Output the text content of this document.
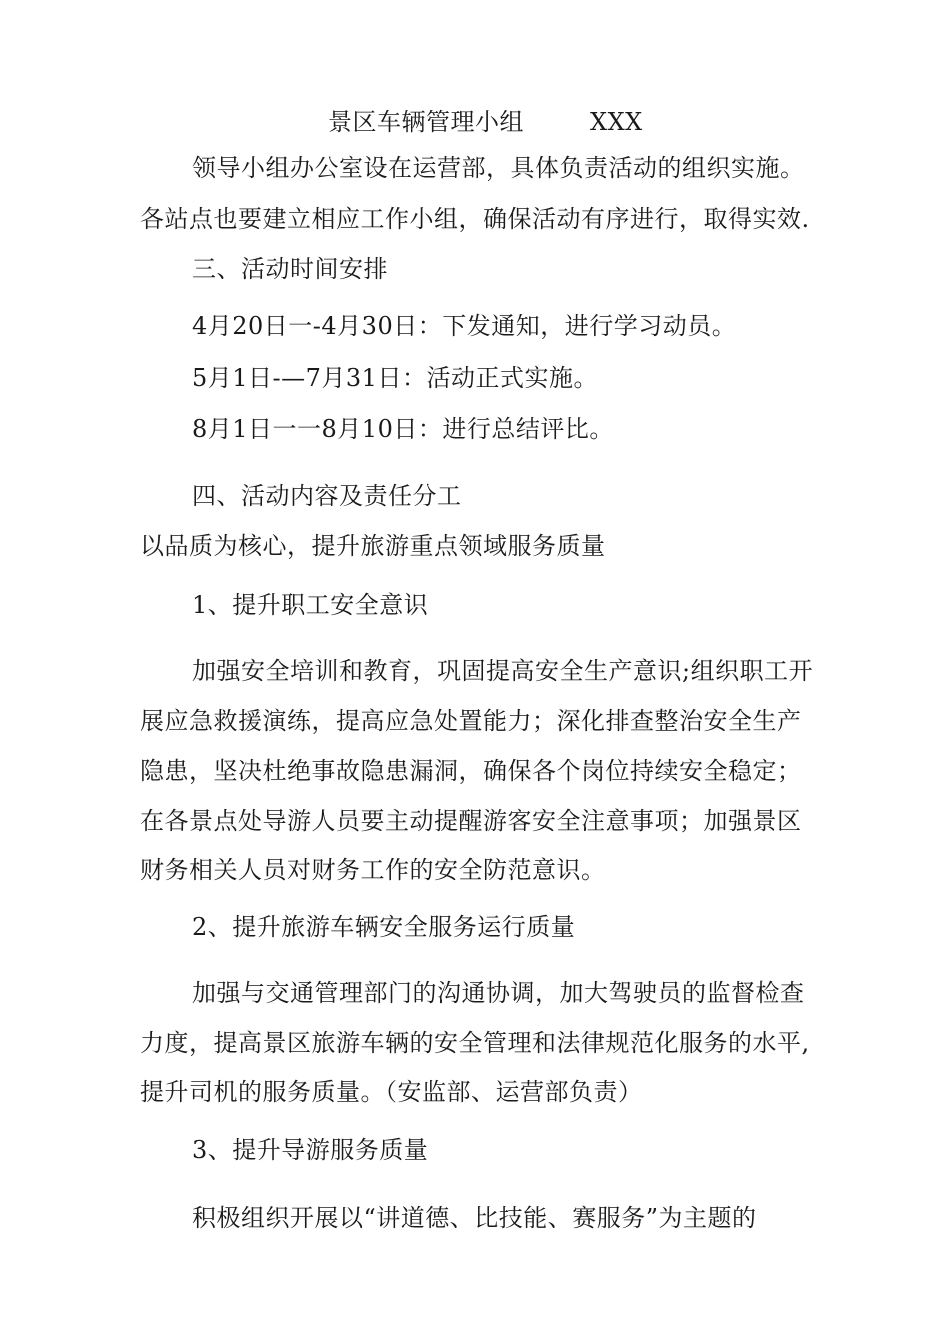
景区车辆管理小组	XXX
领导小组办公室设在运营部，具体负责活动的组织实施。
各站点也要建立相应工作小组，确保活动有序进行，取得实效.
三、活动时间安排
4月20日一-4月30日：下发通知，进行学习动员。
5月1日-—7月31日：活动正式实施。
8月1日一一8月10日：进行总结评比。
四、活动内容及责任分工
以品质为核心，提升旅游重点领域服务质量
1、提升职工安全意识
加强安全培训和教育，巩固提高安全生产意识;组织职工开
展应急救援演练，提高应急处置能力；深化排查整治安全生产
隐患，坚决杜绝事故隐患漏洞，确保各个岗位持续安全稳定；
在各景点处导游人员要主动提醒游客安全注意事项；加强景区
财务相关人员对财务工作的安全防范意识。
2、提升旅游车辆安全服务运行质量
加强与交通管理部门的沟通协调，加大驾驶员的监督检查
力度，提高景区旅游车辆的安全管理和法律规范化服务的水平,
提升司机的服务质量。（安监部、运营部负责）
3、提升导游服务质量
积极组织开展以“讲道德、比技能、赛服务”为主题的
